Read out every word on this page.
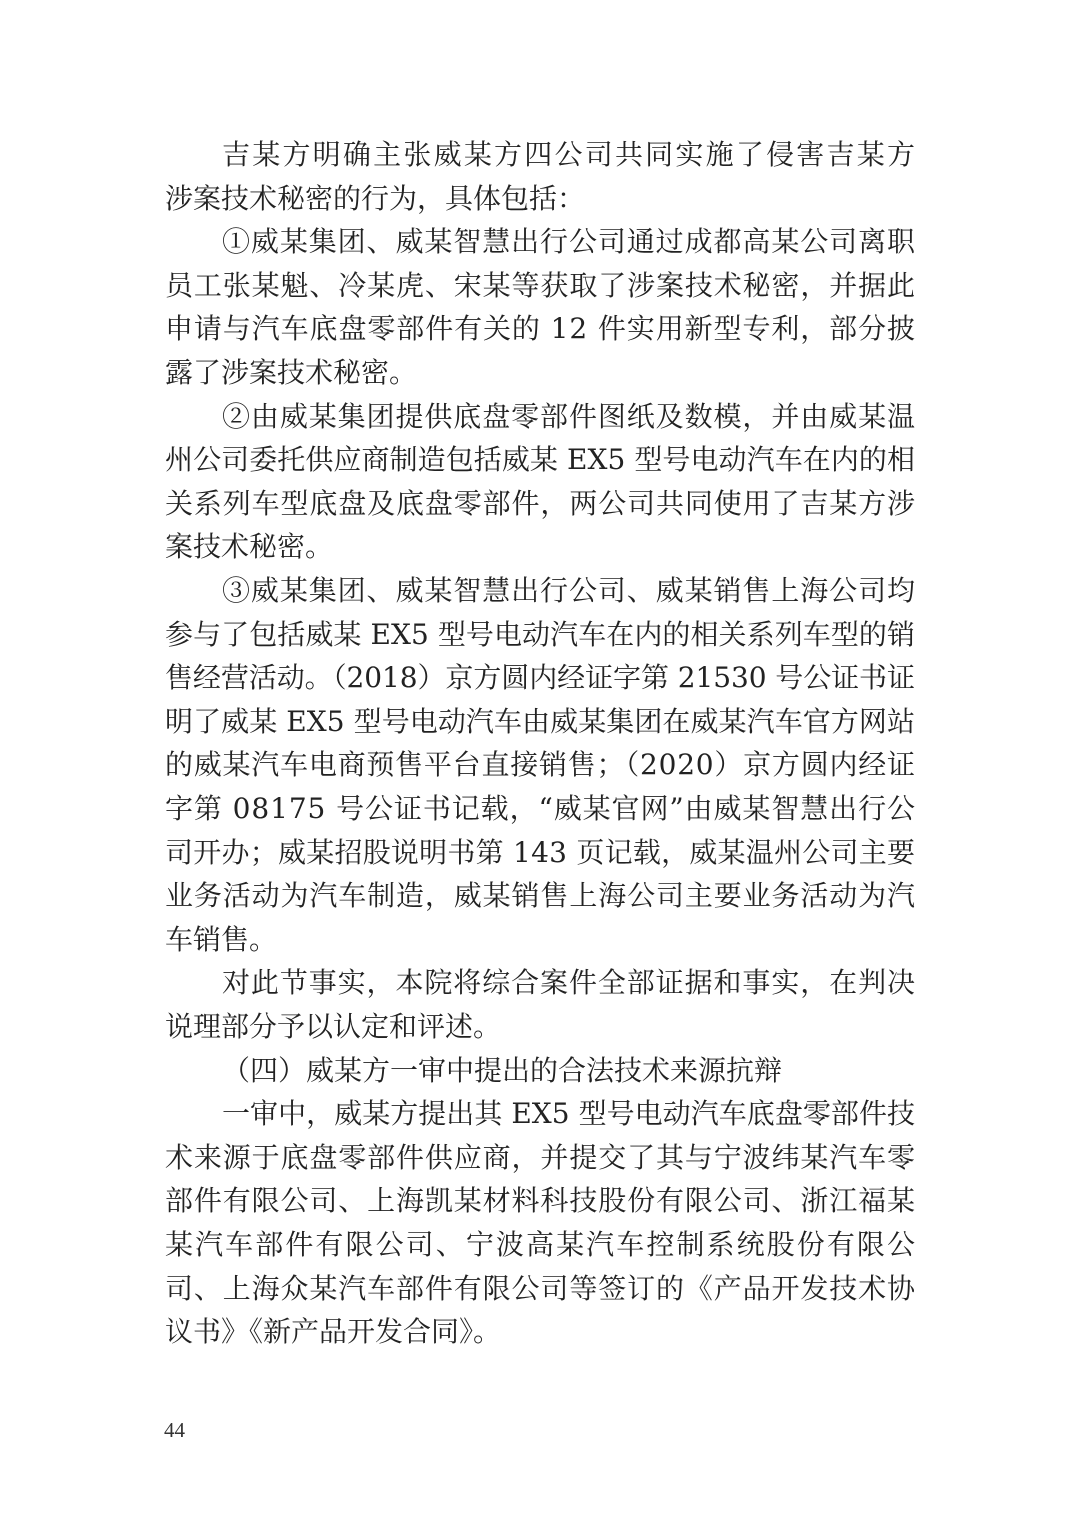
吉某方明确主张威某方四公司共同实施了侵害吉某方
涉案技术秘密的行为，具体包括：
①威某集团、威某智慧出行公司通过成都高某公司离职
员工张某魁、冷某虎、宋某等获取了涉案技术秘密，并据此
申请与汽车底盘零部件有关的 12 件实用新型专利，部分披
露了涉案技术秘密。
②由威某集团提供底盘零部件图纸及数模，并由威某温
州公司委托供应商制造包括威某 EX5 型号电动汽车在内的相
关系列车型底盘及底盘零部件，两公司共同使用了吉某方涉
案技术秘密。
③威某集团、威某智慧出行公司、威某销售上海公司均
参与了包括威某 EX5 型号电动汽车在内的相关系列车型的销
售经营活动。（2018）京方圆内经证字第 21530 号公证书证
明了威某 EX5 型号电动汽车由威某集团在威某汽车官方网站
的威某汽车电商预售平台直接销售；（2020）京方圆内经证
字第 08175 号公证书记载，“威某官网”由威某智慧出行公
司开办；威某招股说明书第 143 页记载，威某温州公司主要
业务活动为汽车制造，威某销售上海公司主要业务活动为汽
车销售。
对此节事实，本院将综合案件全部证据和事实，在判决
说理部分予以认定和评述。
（四）威某方一审中提出的合法技术来源抗辩
一审中，威某方提出其 EX5 型号电动汽车底盘零部件技
术来源于底盘零部件供应商，并提交了其与宁波纬某汽车零
部件有限公司、上海凯某材料科技股份有限公司、浙江福某
某汽车部件有限公司、宁波高某汽车控制系统股份有限公
司、上海众某汽车部件有限公司等签订的《产品开发技术协
议书》《新产品开发合同》。
44
